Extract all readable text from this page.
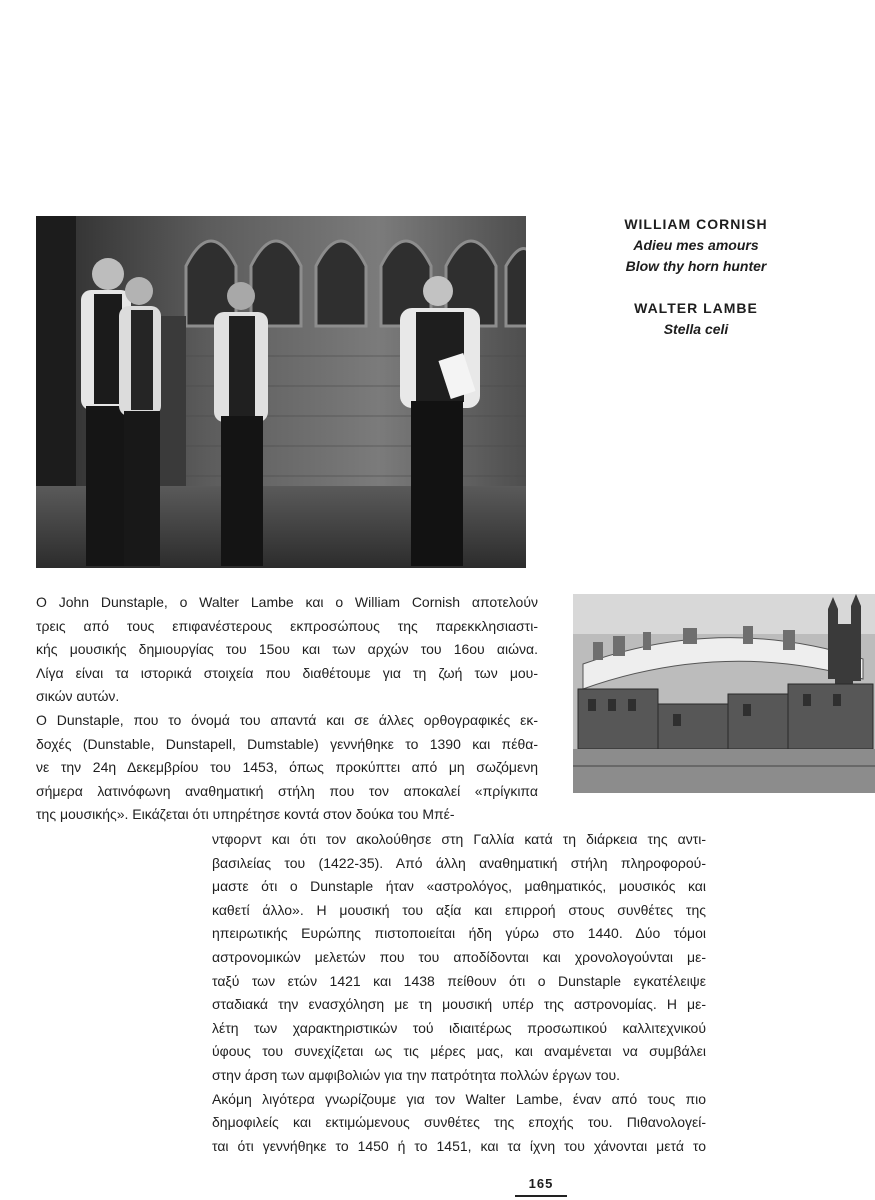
WILLIAM CORNISH

Adieu mes amours

Blow thy horn hunter

WALTER LAMBE

Stella celi

Ο John Dunstaple, ο Walter Lambe και ο William Cornish αποτελούν
τρεις από τους επιφανέστερους εκπροσώπους της παρεκκλησιαστι-
κής μουσικής δημιουργίας του 15ου και των αρχών του 16ου αιώνα.
Λίγα είναι τα ιστορικά στοιχεία που διαθέτουμε για τη ζωή των μου-
σικών αυτών.
Ο Dunstaple, που το όνομά του απαντά και σε άλλες ορθογραφικές εκ-
δοχές (Dunstable, Dunstapell, Dumstable) γεννήθηκε το 1390 και πέθα-
νε την 24η Δεκεμβρίου του 1453, όπως προκύπτει από μη σωζόμενη
σήμερα λατινόφωνη αναθηματική στήλη που τον αποκαλεί «πρίγκιπα
της μουσικής». Εικάζεται ότι υπηρέτησε κοντά στον δούκα του Μπέ-
ντφορντ και ότι τον ακολούθησε στη Γαλλία κατά τη διάρκεια της αντι-
βασιλείας του (1422-35). Από άλλη αναθηματική στήλη πληροφορού-
μαστε ότι ο Dunstaple ήταν «αστρολόγος, μαθηματικός, μουσικός και
καθετί άλλο». Η μουσική του αξία και επιρροή στους συνθέτες της
ηπειρωτικής Ευρώπης πιστοποιείται ήδη γύρω στο 1440. Δύο τόμοι
αστρονομικών μελετών που του αποδίδονται και χρονολογούνται με-
ταξύ των ετών 1421 και 1438 πείθουν ότι ο Dunstaple εγκατέλειψε
σταδιακά την ενασχόληση με τη μουσική υπέρ της αστρονομίας. Η με-
λέτη των χαρακτηριστικών τού ιδιαιτέρως προσωπικού καλλιτεχνικού
ύφους του συνεχίζεται ως τις μέρες μας, και αναμένεται να συμβάλει
στην άρση των αμφιβολιών για την πατρότητα πολλών έργων του.
Ακόμη λιγότερα γνωρίζουμε για τον Walter Lambe, έναν από τους πιο
δημοφιλείς και εκτιμώμενους συνθέτες της εποχής του. Πιθανολογεί-
ται ότι γεννήθηκε το 1450 ή το 1451, και τα ίχνη του χάνονται μετά το
165
